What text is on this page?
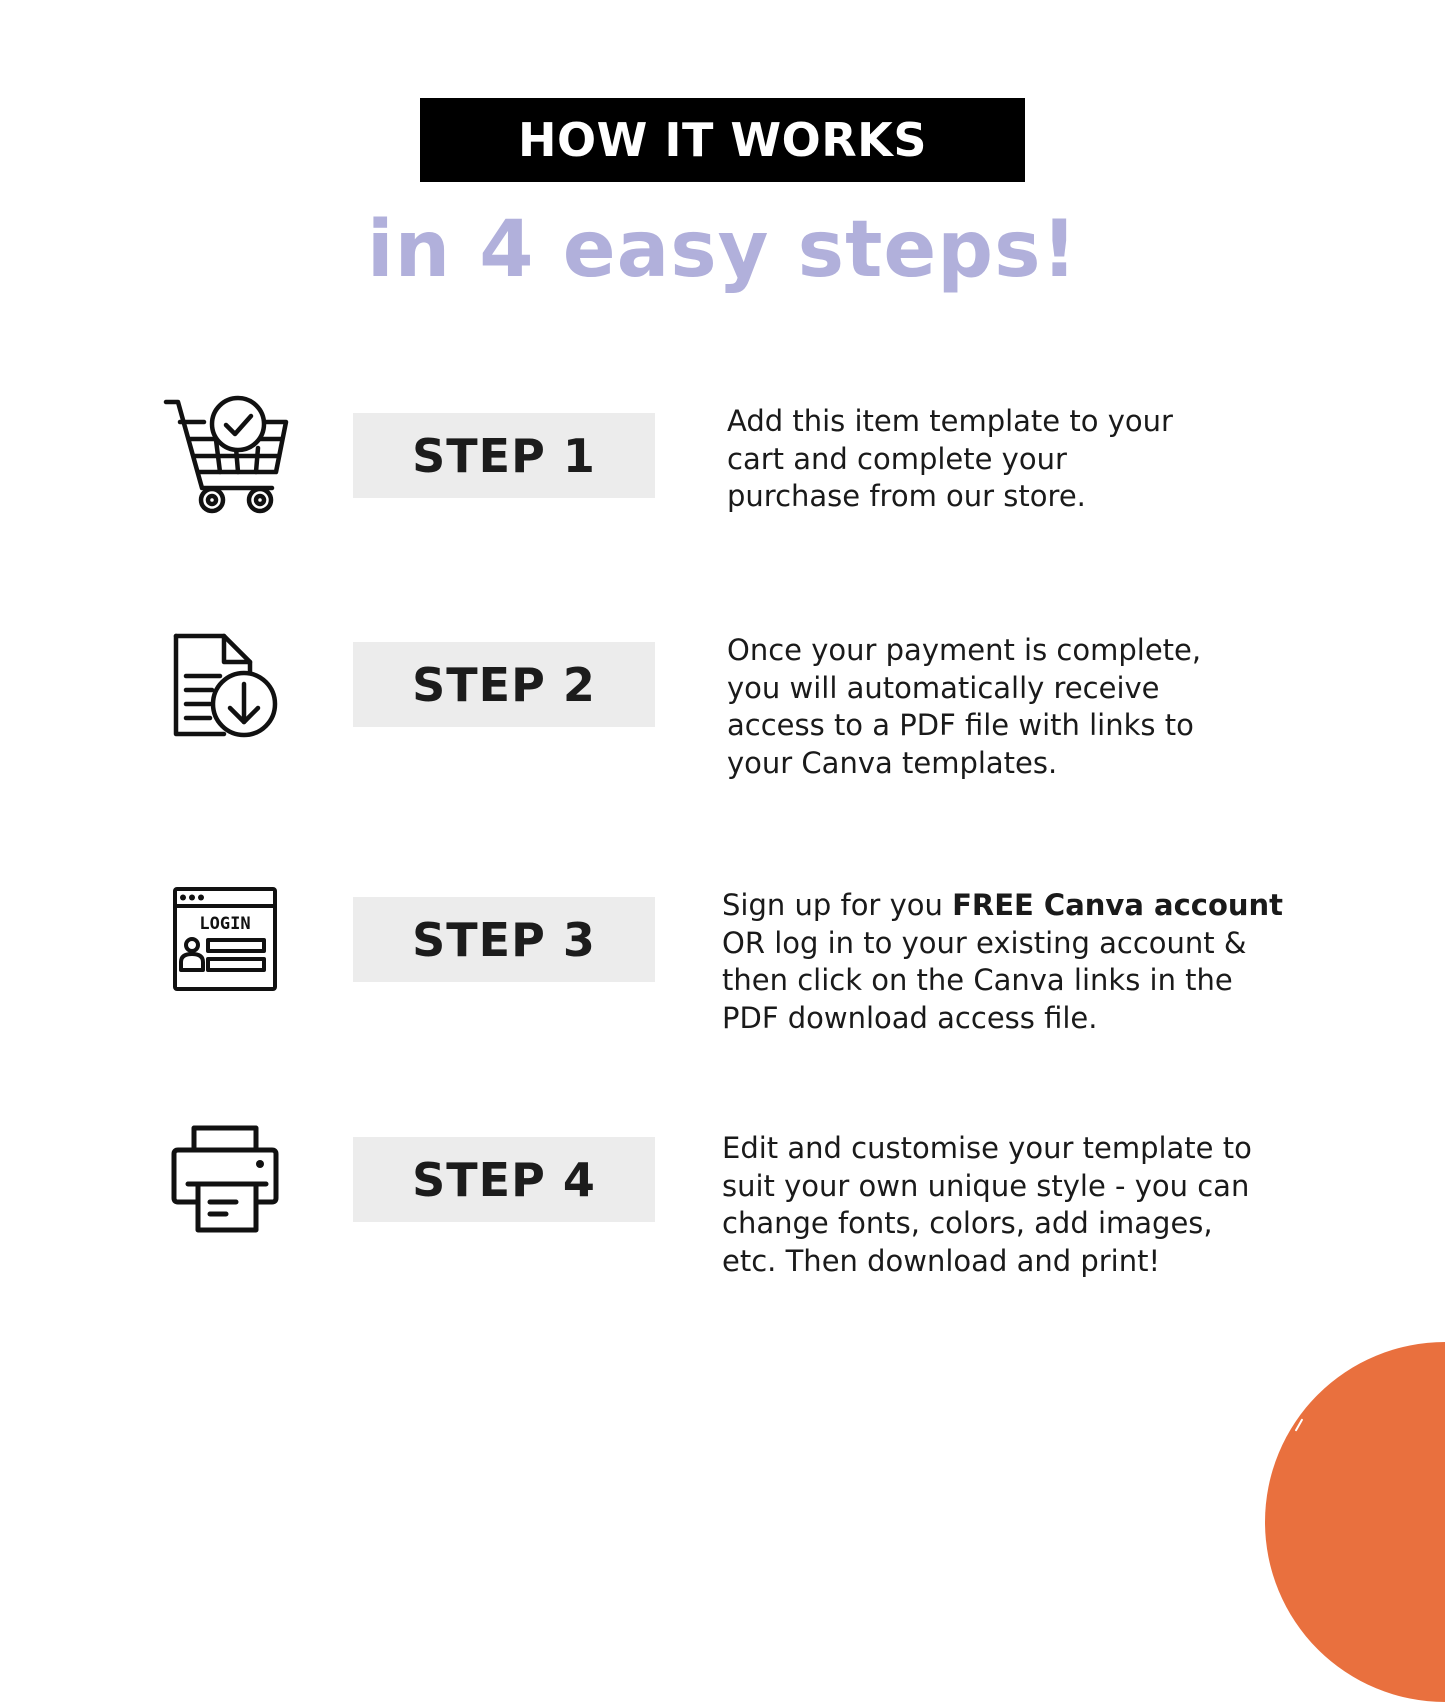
HOW IT WORKS
in 4 easy steps!
STEP 1

Add this item template to your
cart and complete your
purchase from our store.

STEP 2

Once your payment is complete,
you will automatically receive
access to a PDF file with links to
your Canva templates.

LOGIN	STEP 3

Sign up for you FREE Canva account
OR log in to your existing account &
then click on the Canva links in the
PDF download access file.

STEP 4

Edit and customise your template to
suit your own unique style - you can
change fonts, colors, add images,
etc. Then download and print!
